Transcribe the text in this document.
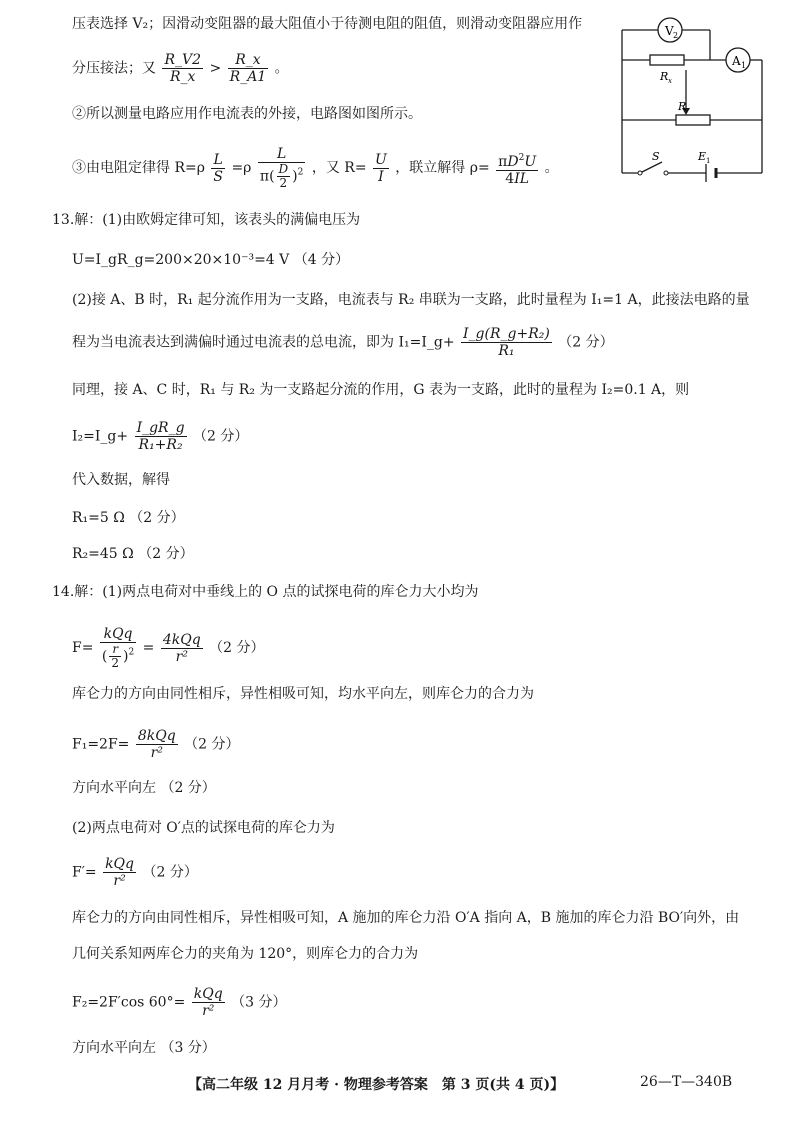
压表选择 V₂；因滑动变阻器的最大阻值小于待测电阻的阻值，则滑动变阻器应用作
分压接法；又 $\frac{R\_V2}{R\_x} > \frac{R\_x}{R\_A1}$ 。
②所以测量电路应用作电流表的外接，电路图如图所示。
③由电阻定律得 $R=\rho \frac{L}{S} =\rho \frac{L}{\pi( \frac{D}{2} )^2}$ ，又 $R= \frac{U}{I}$ ，联立解得 $\rho= \frac{\pi D^2U}{4IL}$ 。
V 2
A 1
R x
R
S	E 1
13.解：(1)由欧姆定律可知，该表头的满偏电压为
U=I_gR_g=200×20×10⁻³=4 V （4 分）
(2)接 A、B 时，R₁ 起分流作用为一支路，电流表与 R₂ 串联为一支路，此时量程为 I₁=1 A，此接法电路的量
程为当电流表达到满偏时通过电流表的总电流，即为 I₁=I_g+ $\frac{\text{I\_g(R\_g+R₂)}}{\text{R₁}} (2$ 分）
同理，接 A、C 时，R₁ 与 R₂ 为一支路起分流的作用，G 表为一支路，此时的量程为 I₂=0.1 A，则
I₂=I_g+ $\frac{I\_gR\_g}{\text{R₁+R₂}} (2$ 分）
代入数据，解得
R₁=5 Ω （2 分）
R₂=45 Ω （2 分）
14.解：(1)两点电荷对中垂线上的 O 点的试探电荷的库仑力大小均为
$F= \frac{\text{kQq}}{( \frac{r}{2} )^2} = \frac{\text{4kQq}}{\text{r²}} (2$ 分）
库仑力的方向由同性相斥，异性相吸可知，均水平向左，则库仑力的合力为
$F_1=2F= \frac{\text{8kQq}}{\text{r²}} (2$ 分）
方向水平向左 （2 分）
(2)两点电荷对 O′点的试探电荷的库仑力为
$F'= \frac{\text{kQq}}{\text{r²}} (2$ 分）
库仑力的方向由同性相斥，异性相吸可知，A 施加的库仑力沿 O′A 指向 A，B 施加的库仑力沿 BO′向外，由
几何关系知两库仑力的夹角为 120°，则库仑力的合力为
F₂=2F′cos $60^\circ= \frac{\text{kQq}}{\text{r²}} (3$ 分）
方向水平向左 （3 分）
【高二年级 12 月月考 · 物理参考答案　第 3 页(共 4 页)】	26—T—340B
